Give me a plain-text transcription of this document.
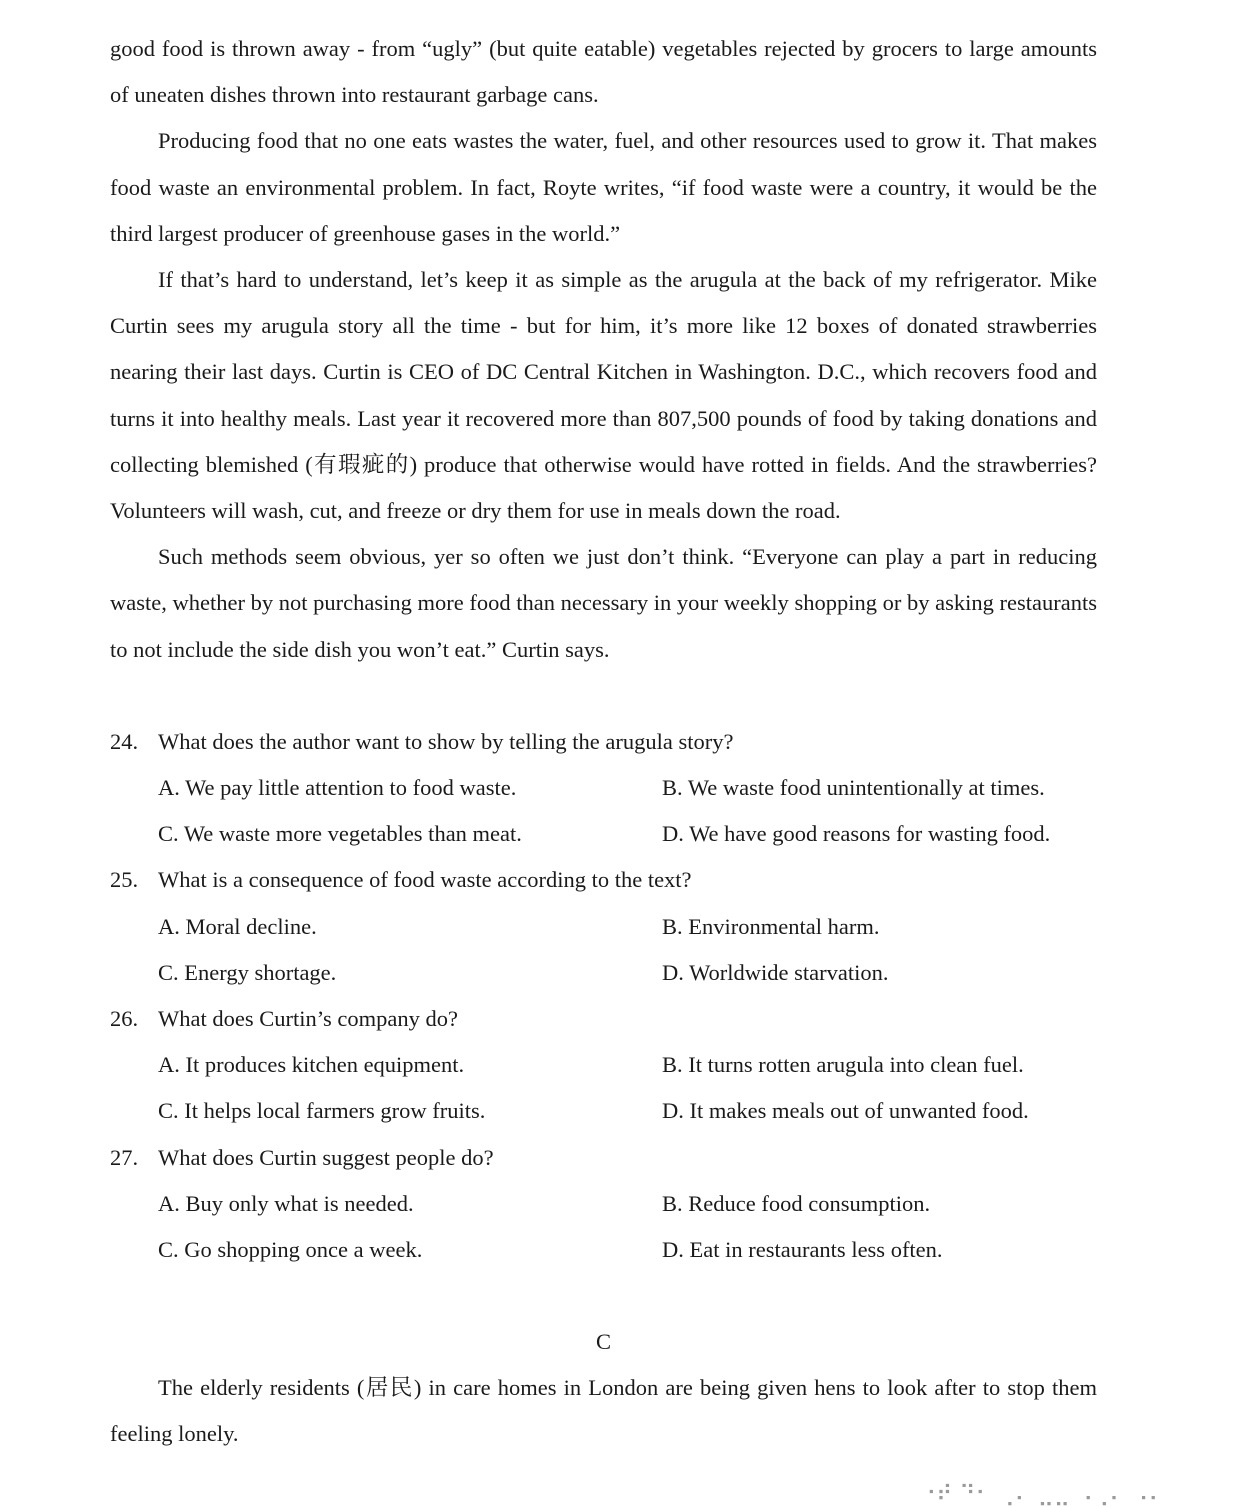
good food is thrown away - from “ugly” (but quite eatable) vegetables rejected by grocers to large amounts of uneaten dishes thrown into restaurant garbage cans.

Producing food that no one eats wastes the water, fuel, and other resources used to grow it. That makes food waste an environmental problem. In fact, Royte writes, “if food waste were a country, it would be the third largest producer of greenhouse gases in the world.”

If that’s hard to understand, let’s keep it as simple as the arugula at the back of my refrigerator. Mike Curtin sees my arugula story all the time - but for him, it’s more like 12 boxes of donated strawberries nearing their last days. Curtin is CEO of DC Central Kitchen in Washington. D.C., which recovers food and turns it into healthy meals. Last year it recovered more than 807,500 pounds of food by taking donations and collecting blemished (有瑕疵的) produce that otherwise would have rotted in fields. And the strawberries? Volunteers will wash, cut, and freeze or dry them for use in meals down the road.

Such methods seem obvious, yer so often we just don’t think. “Everyone can play a part in reducing waste, whether by not purchasing more food than necessary in your weekly shopping or by asking restaurants to not include the side dish you won’t eat.” Curtin says.

24. What does the author want to show by telling the arugula story?
A. We pay little attention to food waste.	B. We waste food unintentionally at times.
C. We waste more vegetables than meat.	D. We have good reasons for wasting food.
25. What is a consequence of food waste according to the text?
A. Moral decline.	B. Environmental harm.
C. Energy shortage.	D. Worldwide starvation.
26. What does Curtin’s company do?
A. It produces kitchen equipment.	B. It turns rotten arugula into clean fuel.
C. It helps local farmers grow fruits.	D. It makes meals out of unwanted food.
27. What does Curtin suggest people do?
A. Buy only what is needed.	B. Reduce food consumption.
C. Go shopping once a week.	D. Eat in restaurants less often.
C

The elderly residents (居民) in care homes in London are being given hens to look after to stop them feeling lonely.

⠐⠞ ⠙⠂ ⢀⠄ ⣀⣀ ⠠⢀⠄ ⠠⠄
